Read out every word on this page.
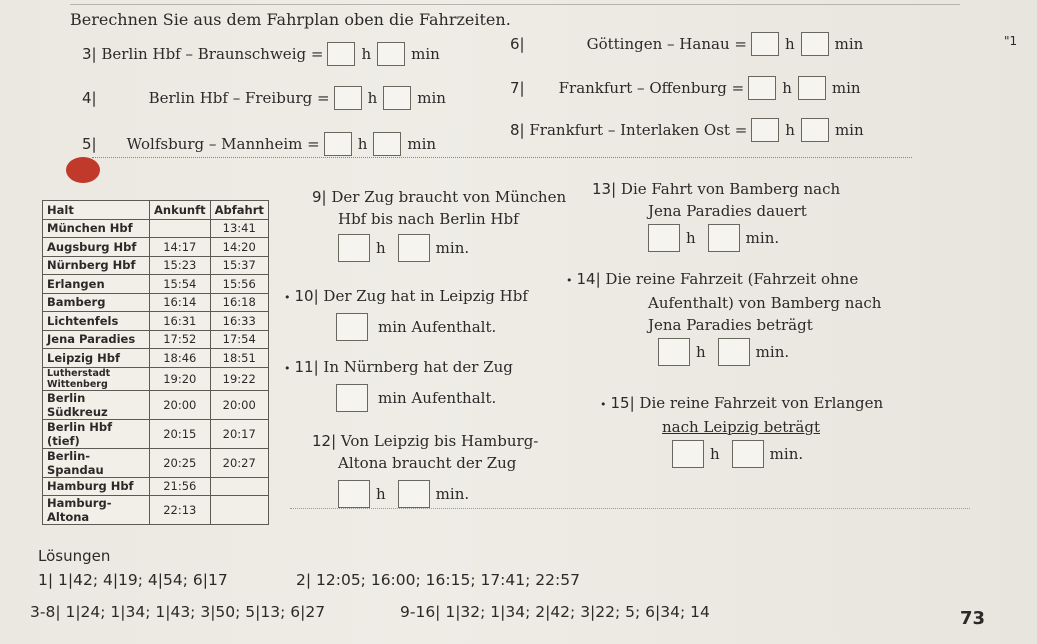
Berechnen Sie aus dem Fahrplan oben die Fahrzeiten.
"1
3|
Berlin Hbf – Braunschweig =	h	min
4|	Berlin Hbf – Freiburg =	h	min
5| Wolfsburg – Mannheim =	h	min
6|	Göttingen – Hanau =	h	min
7| Frankfurt – Offenburg =	h	min
8|
Frankfurt – Interlaken Ost =	h	min
Halt	Ankunft	Abfahrt
München Hbf		13:41
Augsburg Hbf	14:17	14:20
Nürnberg Hbf	15:23	15:37
Erlangen	15:54	15:56
Bamberg	16:14	16:18
Lichtenfels	16:31	16:33
Jena Paradies	17:52	17:54
Leipzig Hbf	18:46	18:51
Lutherstadt Wittenberg	19:20	19:22
Berlin Südkreuz	20:00	20:00
Berlin Hbf (tief)	20:15	20:17
Berlin-Spandau	20:25	20:27
Hamburg Hbf	21:56	
Hamburg-Altona	22:13	
9| Der Zug braucht von München
Hbf bis nach Berlin Hbf
h	min.
• 10| Der Zug hat in Leipzig Hbf
min Aufenthalt.
• 11| In Nürnberg hat der Zug
min Aufenthalt.
12| Von Leipzig bis Hamburg-
Altona braucht der Zug
h	min.
13| Die Fahrt von Bamberg nach
Jena Paradies dauert
h	min.
• 14| Die reine Fahrzeit (Fahrzeit ohne
Aufenthalt) von Bamberg nach
Jena Paradies beträgt
h	min.
• 15| Die reine Fahrzeit von Erlangen
nach Leipzig beträgt
h	min.
Lösungen
1| 1|42; 4|19; 4|54; 6|17	2| 12:05; 16:00; 16:15; 17:41; 22:57
3-8| 1|24; 1|34; 1|43; 3|50; 5|13; 6|27	9-16| 1|32; 1|34; 2|42; 3|22; 5; 6|34; 14	73
